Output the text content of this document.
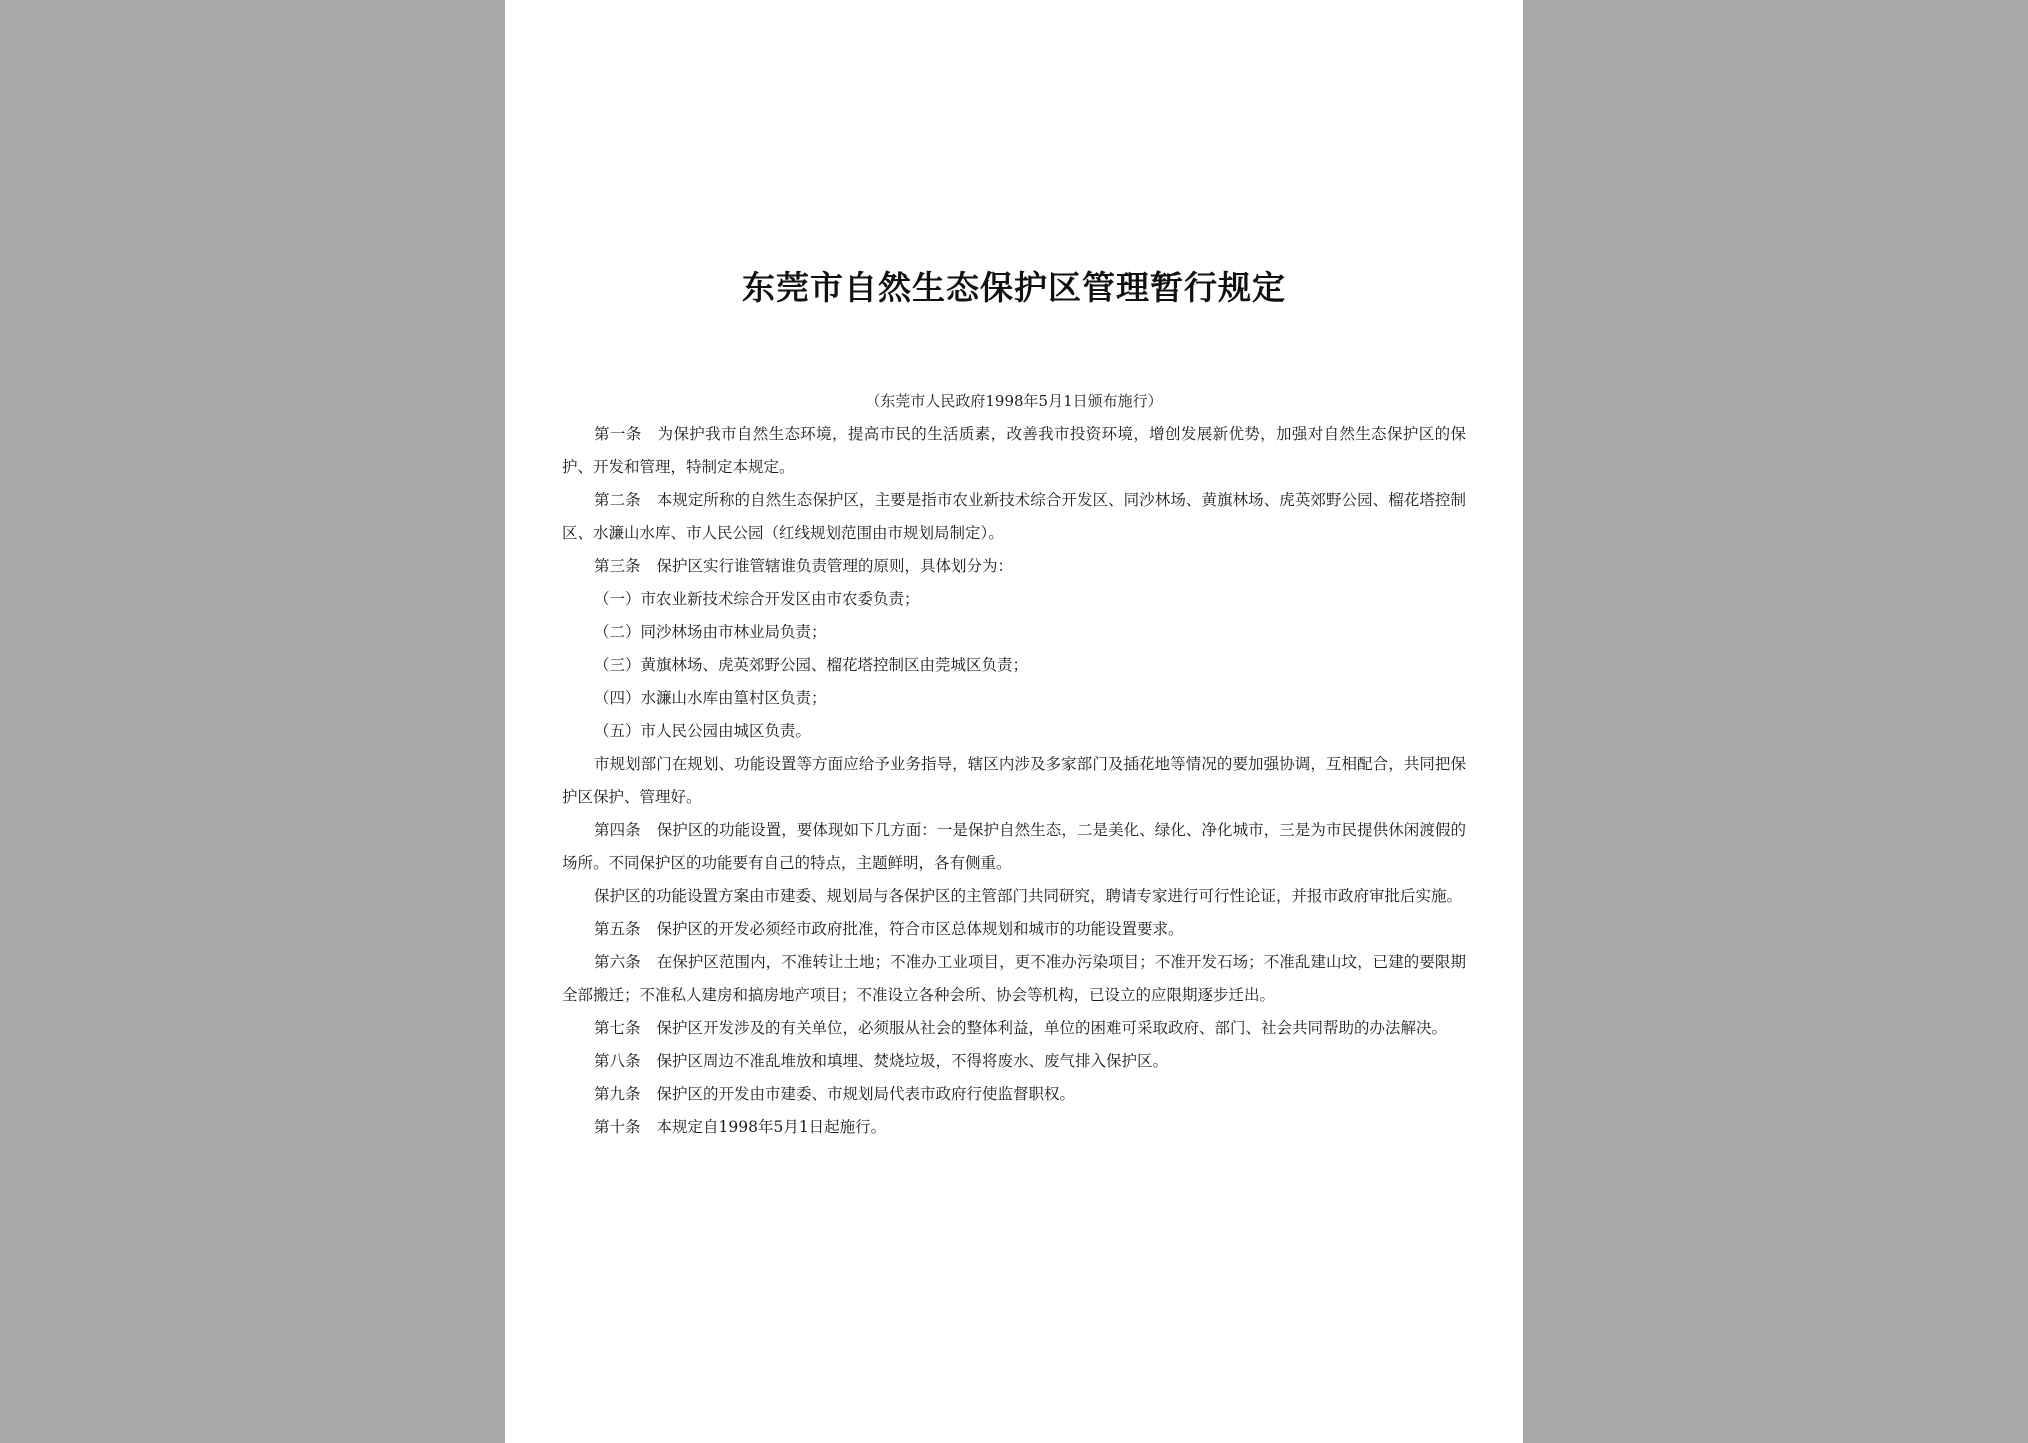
东莞市自然生态保护区管理暂行规定
（东莞市人民政府1998年5月1日颁布施行）

第一条 为保护我市自然生态环境，提高市民的生活质素，改善我市投资环境，增创发展新优势，加强对自然生态保护区的保护、开发和管理，特制定本规定。

第二条 本规定所称的自然生态保护区，主要是指市农业新技术综合开发区、同沙林场、黄旗林场、虎英郊野公园、榴花塔控制区、水濂山水库、市人民公园（红线规划范围由市规划局制定）。

第三条 保护区实行谁管辖谁负责管理的原则，具体划分为：

（一）市农业新技术综合开发区由市农委负责；

（二）同沙林场由市林业局负责；

（三）黄旗林场、虎英郊野公园、榴花塔控制区由莞城区负责；

（四）水濂山水库由篁村区负责；

（五）市人民公园由城区负责。

市规划部门在规划、功能设置等方面应给予业务指导，辖区内涉及多家部门及插花地等情况的要加强协调，互相配合，共同把保护区保护、管理好。

第四条 保护区的功能设置，要体现如下几方面：一是保护自然生态，二是美化、绿化、净化城市，三是为市民提供休闲渡假的场所。不同保护区的功能要有自己的特点，主题鲜明，各有侧重。

保护区的功能设置方案由市建委、规划局与各保护区的主管部门共同研究，聘请专家进行可行性论证，并报市政府审批后实施。

第五条 保护区的开发必须经市政府批准，符合市区总体规划和城市的功能设置要求。

第六条 在保护区范围内，不准转让土地；不准办工业项目，更不准办污染项目；不准开发石场；不准乱建山坟，已建的要限期全部搬迁；不准私人建房和搞房地产项目；不准设立各种会所、协会等机构，已设立的应限期逐步迁出。

第七条 保护区开发涉及的有关单位，必须服从社会的整体利益，单位的困难可采取政府、部门、社会共同帮助的办法解决。

第八条 保护区周边不准乱堆放和填埋、焚烧垃圾，不得将废水、废气排入保护区。

第九条 保护区的开发由市建委、市规划局代表市政府行使监督职权。

第十条 本规定自1998年5月1日起施行。
